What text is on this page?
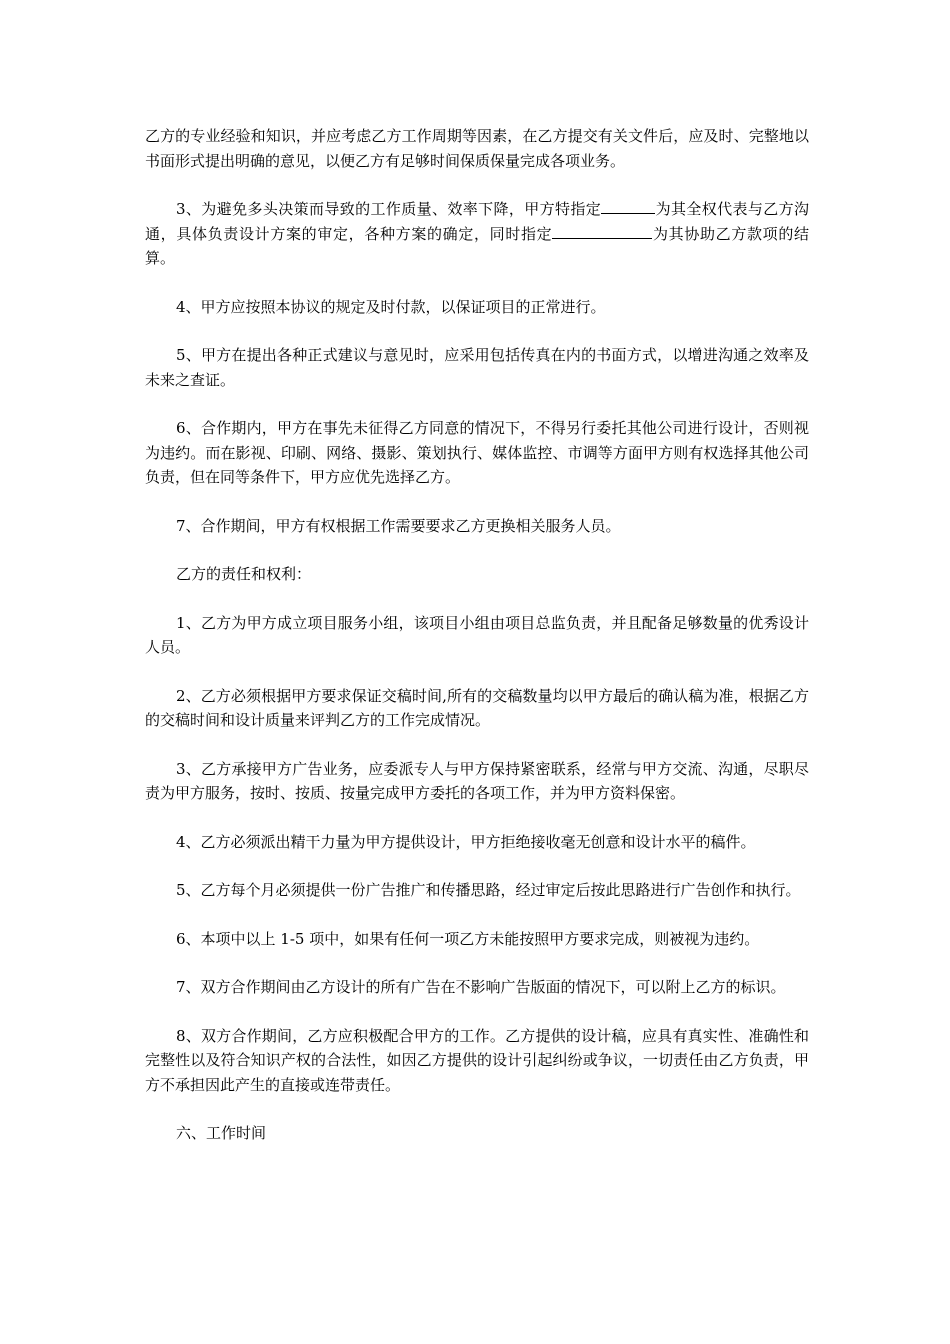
乙方的专业经验和知识，并应考虑乙方工作周期等因素，在乙方提交有关文件后，应及时、完整地以书面形式提出明确的意见，以便乙方有足够时间保质保量完成各项业务。

3、为避免多头决策而导致的工作质量、效率下降，甲方特指定	为其全权代表与乙方沟通，具体负责设计方案的审定，各种方案的确定，同时指定	为其协助乙方款项的结算。

4、甲方应按照本协议的规定及时付款，以保证项目的正常进行。

5、甲方在提出各种正式建议与意见时，应采用包括传真在内的书面方式，以增进沟通之效率及未来之查证。

6、合作期内，甲方在事先未征得乙方同意的情况下，不得另行委托其他公司进行设计，否则视为违约。而在影视、印刷、网络、摄影、策划执行、媒体监控、市调等方面甲方则有权选择其他公司负责，但在同等条件下，甲方应优先选择乙方。

7、合作期间，甲方有权根据工作需要要求乙方更换相关服务人员。

乙方的责任和权利：

1、乙方为甲方成立项目服务小组，该项目小组由项目总监负责，并且配备足够数量的优秀设计人员。

2、乙方必须根据甲方要求保证交稿时间,所有的交稿数量均以甲方最后的确认稿为准，根据乙方的交稿时间和设计质量来评判乙方的工作完成情况。

3、乙方承接甲方广告业务，应委派专人与甲方保持紧密联系，经常与甲方交流、沟通，尽职尽责为甲方服务，按时、按质、按量完成甲方委托的各项工作，并为甲方资料保密。

4、乙方必须派出精干力量为甲方提供设计，甲方拒绝接收毫无创意和设计水平的稿件。

5、乙方每个月必须提供一份广告推广和传播思路，经过审定后按此思路进行广告创作和执行。

6、本项中以上 1-5 项中，如果有任何一项乙方未能按照甲方要求完成，则被视为违约。

7、双方合作期间由乙方设计的所有广告在不影响广告版面的情况下，可以附上乙方的标识。

8、双方合作期间，乙方应积极配合甲方的工作。乙方提供的设计稿，应具有真实性、准确性和完整性以及符合知识产权的合法性，如因乙方提供的设计引起纠纷或争议，一切责任由乙方负责，甲方不承担因此产生的直接或连带责任。

六、工作时间
